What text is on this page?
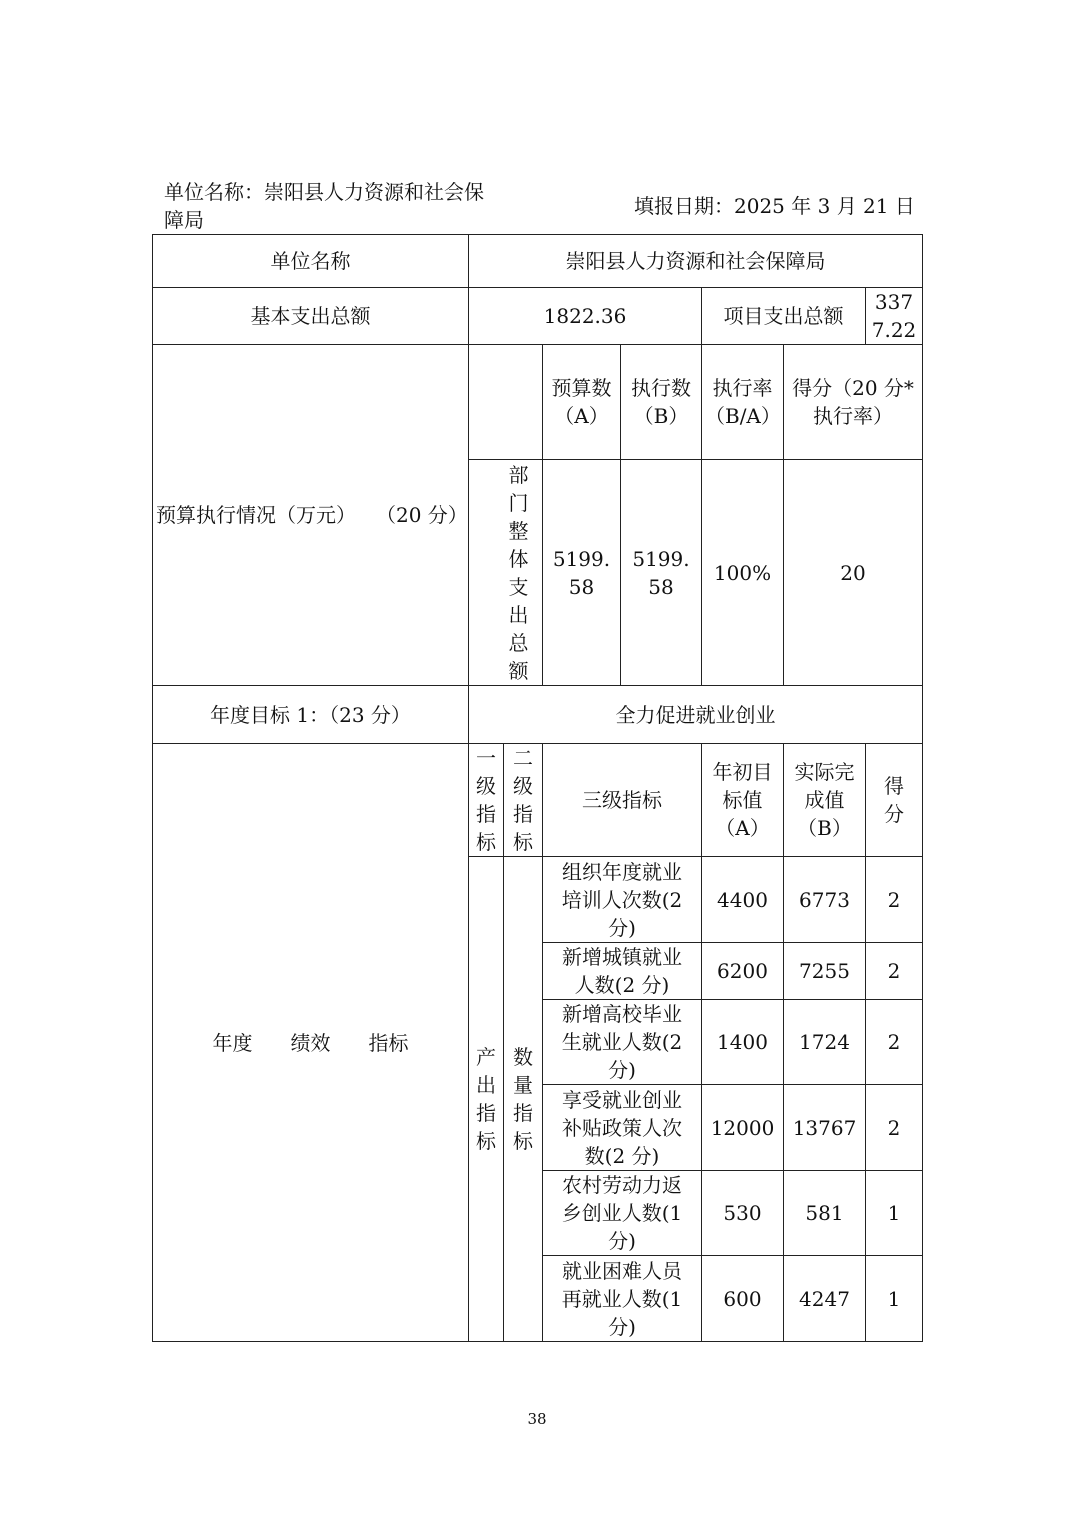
单位名称：崇阳县人力资源和社会保障局
填报日期：2025 年 3 月 21 日
单位名称	崇阳县人力资源和社会保障局						
基本支出总额	1822.36				项目支出总额		3377.22
预算执行情况（万元）　　（20 分）			预算数（A）	执行数（B）	执行率（B/A）	得分（20 分*执行率）	
	部门整体支出总额		5199.58	5199.58	100%	20	
年度目标 1：（23 分）	全力促进就业创业						
年度 绩效 指标	一级指标	二级指标	三级指标		年初目标值（A）	实际完成值（B）	得分
	产出指标	数量指标	组织年度就业培训人次数(2分)		4400	6773	2
			新增城镇就业人数(2 分)		6200	7255	2
			新增高校毕业生就业人数(2分)		1400	1724	2
			享受就业创业补贴政策人次数(2 分)		12000	13767	2
			农村劳动力返乡创业人数(1分)		530	581	1
			就业困难人员再就业人数(1分)		600	4247	1
38
